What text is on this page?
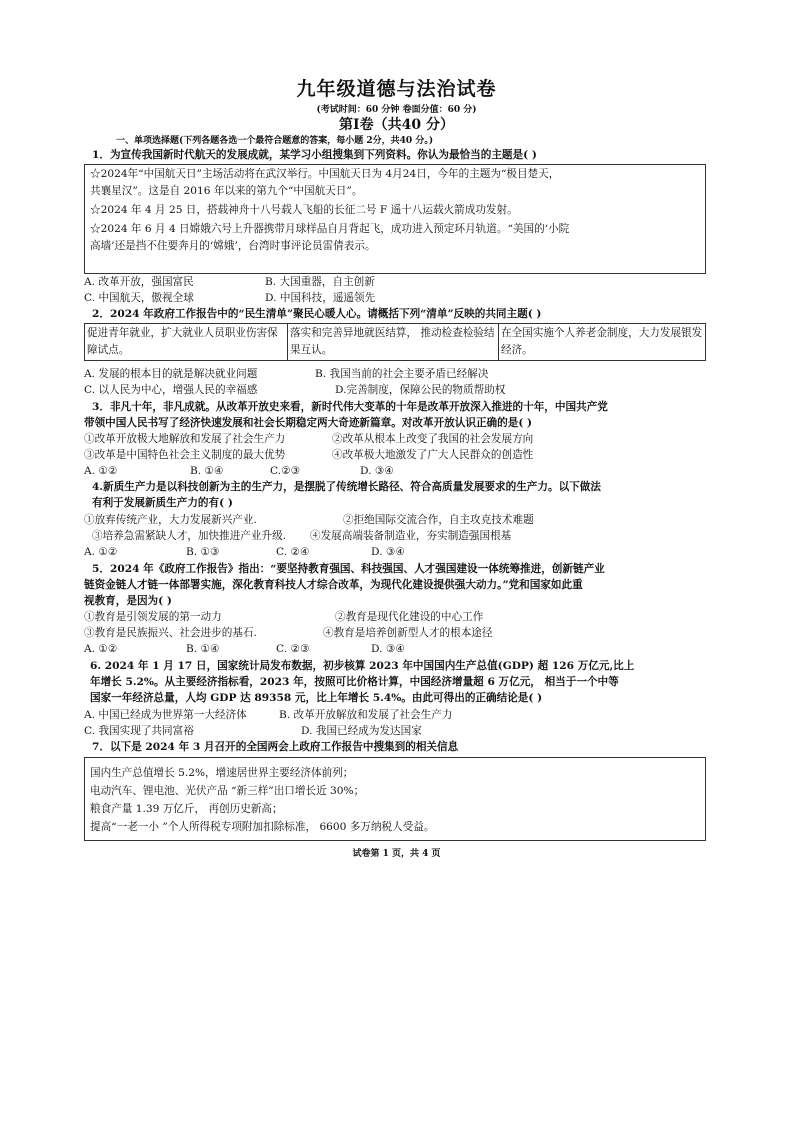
九年级道德与法治试卷
(考试时间：60 分钟 卷面分值：60 分)
第Ⅰ卷（共40 分）
一、单项选择题(下列各题各选一个最符合题意的答案，每小题 2分，共40 分。)
1．为宣传我国新时代航天的发展成就，某学习小组搜集到下列资料。你认为最恰当的主题是( )
☆2024年“中国航天日”主场活动将在武汉举行。中国航天日为 4月24日，今年的主题为“极目楚天，
共襄星汉”。这是自 2016 年以来的第九个“中国航天日”。
☆2024 年 4 月 25 日，搭载神舟十八号载人飞船的长征二号 F 遥十八运载火箭成功发射。
☆2024 年 6 月 4 日嫦娥六号上升器携带月球样品自月背起飞，成功进入预定环月轨道。“美国的‘小院
高墙’还是挡不住要奔月的‘嫦娥’，台湾时事评论员雷倩表示。
A. 改革开放，强国富民	B. 大国重器，自主创新
C. 中国航天，傲视全球	D. 中国科技，遥遥领先
2．2024 年政府工作报告中的“民生清单”聚民心暖人心。请概括下列“清单”反映的共同主题( )
促进青年就业，扩大就业人员职业伤害保障试点。	落实和完善异地就医结算， 推动检查检验结果互认。	在全国实施个人养老金制度，大力发展银发经济。
A. 发展的根本目的就是解决就业问题	B. 我国当前的社会主要矛盾已经解决
C. 以人民为中心，增强人民的幸福感	D.完善制度，保障公民的物质帮助权
3．非凡十年，非凡成就。从改革开放史来看，新时代伟大变革的十年是改革开放深入推进的十年，中国共产党
带领中国人民书写了经济快速发展和社会长期稳定两大奇迹新篇章。对改革开放认识正确的是( )
①改革开放极大地解放和发展了社会生产力	②改革从根本上改变了我国的社会发展方向
③改革是中国特色社会主义制度的最大优势	④改革极大地激发了广大人民群众的创造性
A. ①②	B. ①④	C.②③	D. ③④
4.新质生产力是以科技创新为主的生产力，是摆脱了传统增长路径、符合高质量发展要求的生产力。以下做法
有利于发展新质生产力的有( )
①放弃传统产业，大力发展新兴产业.	②拒绝国际交流合作，自主攻克技术难题
③培养急需紧缺人才，加快推进产业升级. ④发展高端装备制造业，夯实制造强国根基
A. ①②	B. ①③	C. ②④	D. ③④
5．2024 年《政府工作报告》指出：“要坚持教育强国、科技强国、人才强国建设一体统筹推进，创新链产业
链资金链人才链一体部署实施，深化教育科技人才综合改革，为现代化建设提供强大动力。”党和国家如此重
视教育，是因为( )
①教育是引领发展的第一动力	②教育是现代化建设的中心工作
③教育是民族振兴、社会进步的基石.	④教育是培养创新型人才的根本途径
A. ①②	B. ①④	C. ②③	D. ③④
6. 2024 年 1 月 17 日，国家统计局发布数据，初步核算 2023 年中国国内生产总值(GDP) 超 126 万亿元,比上
年增长 5.2%。从主要经济指标看，2023 年，按照可比价格计算，中国经济增量超 6 万亿元， 相当于一个中等
国家一年经济总量，人均 GDP 达 89358 元，比上年增长 5.4%。由此可得出的正确结论是( )
A. 中国已经成为世界第一大经济体	B. 改革开放解放和发展了社会生产力
C. 我国实现了共同富裕	D. 我国已经成为发达国家
7．以下是 2024 年 3 月召开的全国两会上政府工作报告中搜集到的相关信息
国内生产总值增长 5.2%，增速居世界主要经济体前列；
电动汽车、锂电池、光伏产品 “新三样”出口增长近 30%；
粮食产量 1.39 万亿斤， 再创历史新高；
提高“一老一小 ”个人所得税专项附加扣除标准， 6600 多万纳税人受益。
试卷第 1 页，共 4 页
